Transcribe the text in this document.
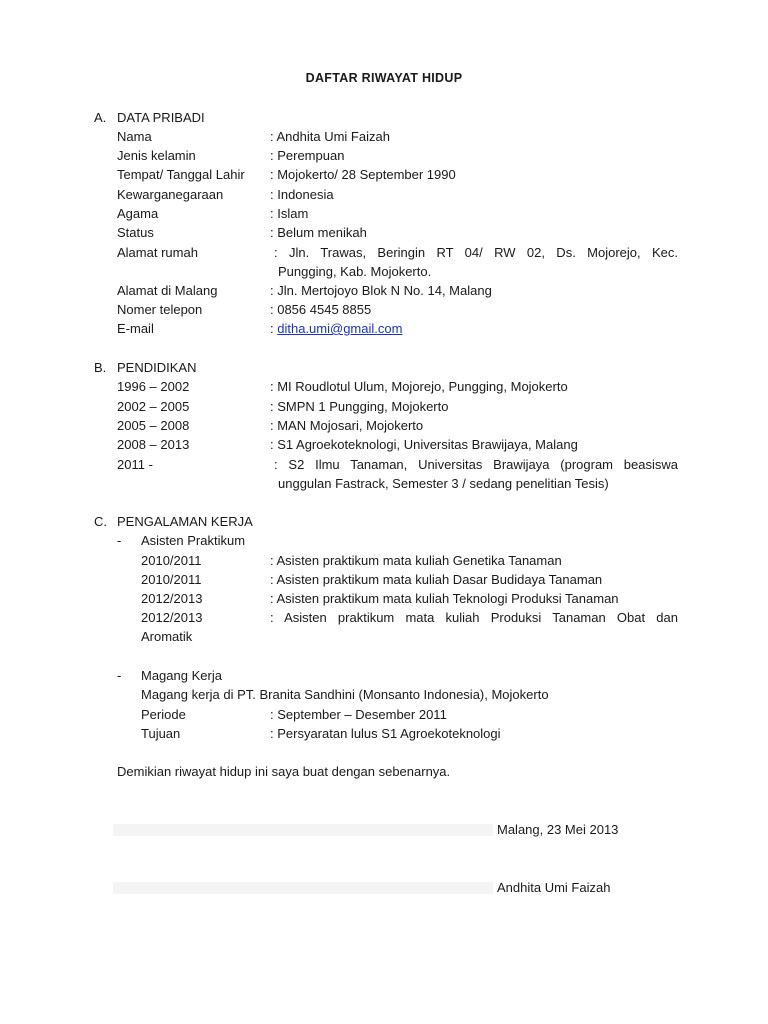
DAFTAR RIWAYAT HIDUP
A. DATA PRIBADI
Nama	: Andhita Umi Faizah
Jenis kelamin	: Perempuan
Tempat/ Tanggal Lahir : Mojokerto/ 28 September 1990
Kewarganegaraan	: Indonesia
Agama	: Islam
Status	: Belum menikah
Alamat rumah	: Jln. Trawas, Beringin RT 04/ RW 02, Ds. Mojorejo, Kec.
Pungging, Kab. Mojokerto.
Alamat di Malang	: Jln. Mertojoyo Blok N No. 14, Malang
Nomer telepon	: 0856 4545 8855
E-mail	: ditha.umi@gmail.com
B. PENDIDIKAN
1996 – 2002	: MI Roudlotul Ulum, Mojorejo, Pungging, Mojokerto
2002 – 2005	: SMPN 1 Pungging, Mojokerto
2005 – 2008	: MAN Mojosari, Mojokerto
2008 – 2013	: S1 Agroekoteknologi, Universitas Brawijaya, Malang
2011 -	: S2 Ilmu Tanaman, Universitas Brawijaya (program beasiswa
unggulan Fastrack, Semester 3 / sedang penelitian Tesis)
C. PENGALAMAN KERJA
- Asisten Praktikum
2010/2011	: Asisten praktikum mata kuliah Genetika Tanaman
2010/2011	: Asisten praktikum mata kuliah Dasar Budidaya Tanaman
2012/2013	: Asisten praktikum mata kuliah Teknologi Produksi Tanaman
2012/2013	: Asisten praktikum mata kuliah Produksi Tanaman Obat dan
Aromatik
- Magang Kerja
Magang kerja di PT. Branita Sandhini (Monsanto Indonesia), Mojokerto
Periode	: September – Desember 2011
Tujuan	: Persyaratan lulus S1 Agroekoteknologi
Demikian riwayat hidup ini saya buat dengan sebenarnya.
Malang, 23 Mei 2013
Andhita Umi Faizah
